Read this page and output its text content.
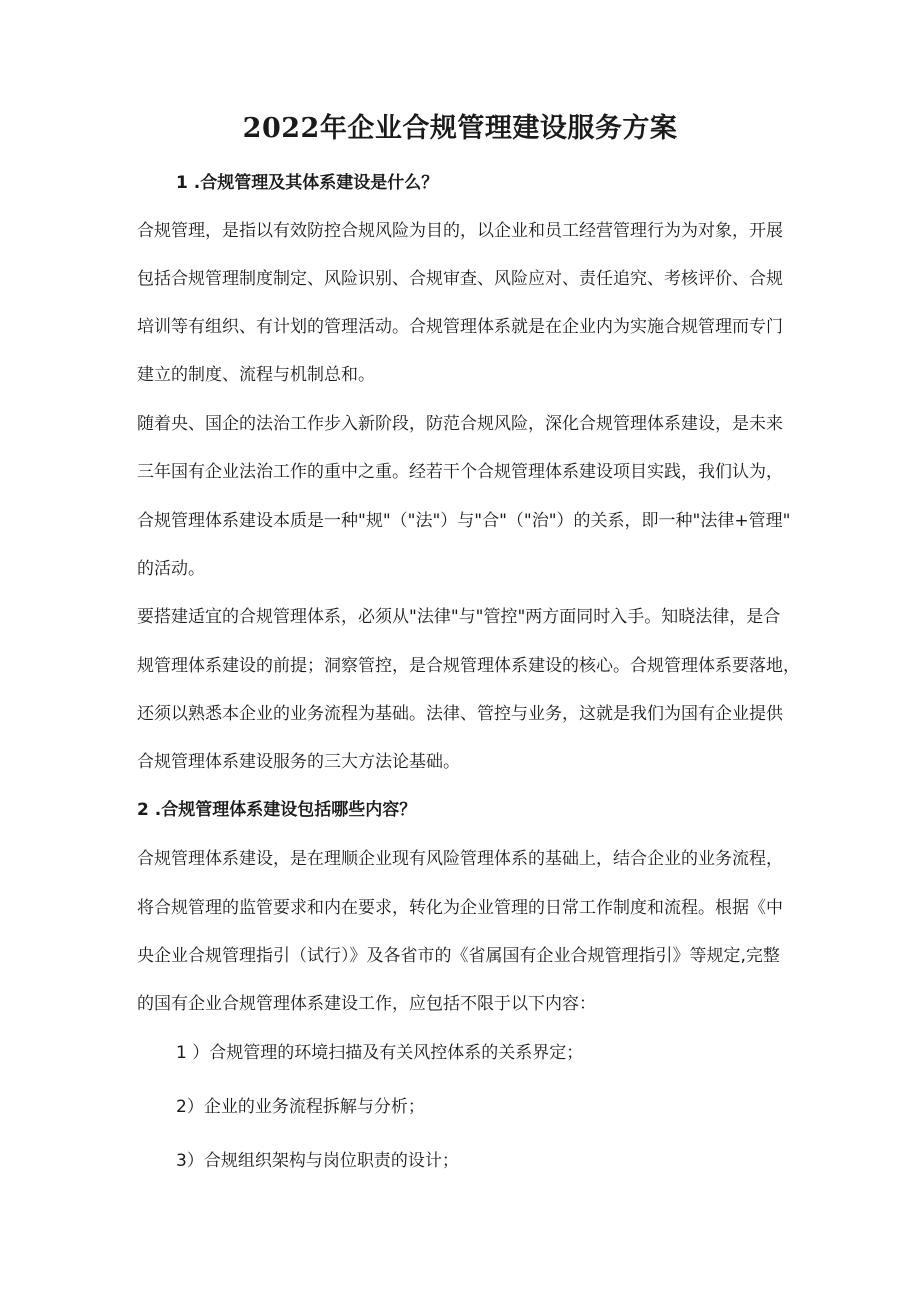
2022年企业合规管理建设服务方案
1 .合规管理及其体系建设是什么？
合规管理，是指以有效防控合规风险为目的，以企业和员工经营管理行为为对象，开展
包括合规管理制度制定、风险识别、合规审查、风险应对、责任追究、考核评价、合规
培训等有组织、有计划的管理活动。合规管理体系就是在企业内为实施合规管理而专门
建立的制度、流程与机制总和。
随着央、国企的法治工作步入新阶段，防范合规风险，深化合规管理体系建设，是未来
三年国有企业法治工作的重中之重。经若干个合规管理体系建设项目实践，我们认为，
合规管理体系建设本质是一种"规"（"法"）与"合"（"治"）的关系，即一种"法律+管理"
的活动。
要搭建适宜的合规管理体系，必须从"法律"与"管控"两方面同时入手。知晓法律，是合
规管理体系建设的前提；洞察管控，是合规管理体系建设的核心。合规管理体系要落地，
还须以熟悉本企业的业务流程为基础。法律、管控与业务，这就是我们为国有企业提供
合规管理体系建设服务的三大方法论基础。
2 .合规管理体系建设包括哪些内容？
合规管理体系建设，是在理顺企业现有风险管理体系的基础上，结合企业的业务流程，
将合规管理的监管要求和内在要求，转化为企业管理的日常工作制度和流程。根据《中
央企业合规管理指引（试行）》及各省市的《省属国有企业合规管理指引》等规定,完整
的国有企业合规管理体系建设工作，应包括不限于以下内容：
1 ）合规管理的环境扫描及有关风控体系的关系界定；
2）企业的业务流程拆解与分析；
3）合规组织架构与岗位职责的设计；
